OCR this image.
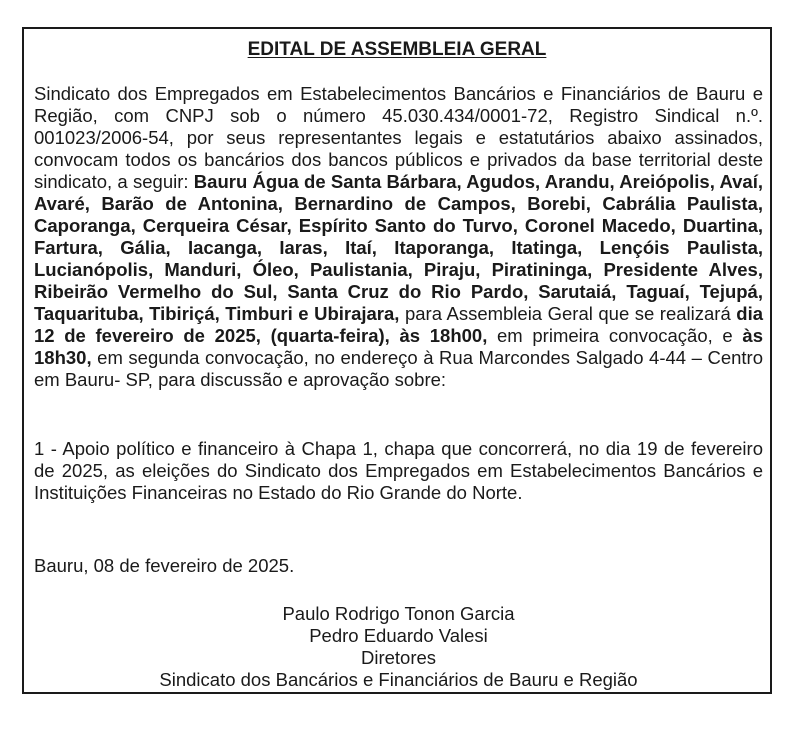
EDITAL DE ASSEMBLEIA GERAL
Sindicato dos Empregados em Estabelecimentos Bancários e Financiários de Bauru e Região, com CNPJ sob o número 45.030.434/0001-72, Registro Sindical n.º. 001023/2006-54, por seus representantes legais e estatutários abaixo assinados, convocam todos os bancários dos bancos públicos e privados da base territorial deste sindicato, a seguir: Bauru Água de Santa Bárbara, Agudos, Arandu, Areiópolis, Avaí, Avaré, Barão de Antonina, Bernardino de Campos, Borebi, Cabrália Paulista, Caporanga, Cerqueira César, Espírito Santo do Turvo, Coronel Macedo, Duartina, Fartura, Gália, Iacanga, Iaras, Itaí, Itaporanga, Itatinga, Lençóis Paulista, Lucianópolis, Manduri, Óleo, Paulistania, Piraju, Piratininga, Presidente Alves, Ribeirão Vermelho do Sul, Santa Cruz do Rio Pardo, Sarutaiá, Taguaí, Tejupá, Taquarituba, Tibiriçá, Timburi e Ubirajara, para Assembleia Geral que se realizará dia 12 de fevereiro de 2025, (quarta-feira), às 18h00, em primeira convocação, e às 18h30, em segunda convocação, no endereço à Rua Marcondes Salgado 4-44 – Centro em Bauru- SP, para discussão e aprovação sobre:
1 - Apoio político e financeiro à Chapa 1, chapa que concorrerá, no dia 19 de fevereiro de 2025, as eleições do Sindicato dos Empregados em Estabelecimentos Bancários e Instituições Financeiras no Estado do Rio Grande do Norte.
Bauru, 08 de fevereiro de 2025.
Paulo Rodrigo Tonon Garcia
Pedro Eduardo Valesi
Diretores
Sindicato dos Bancários e Financiários de Bauru e Região
